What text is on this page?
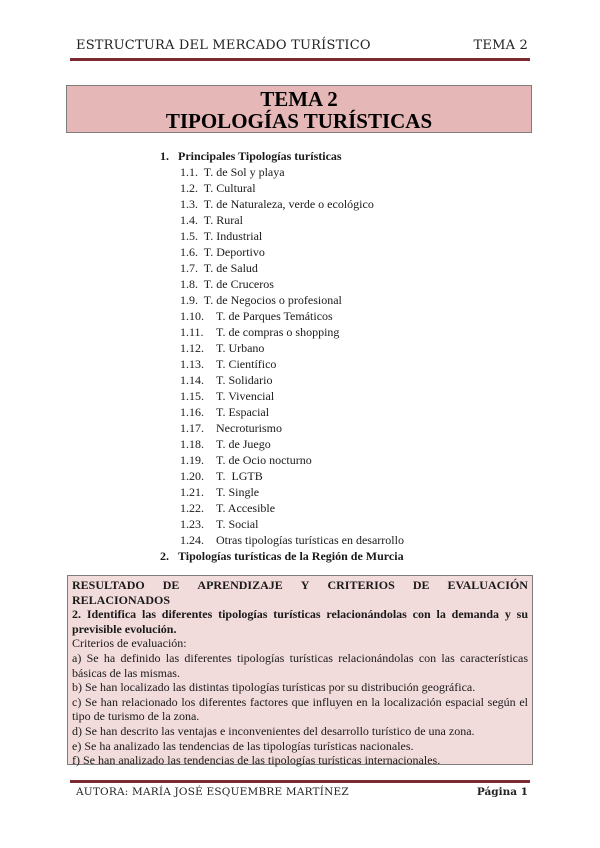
ESTRUCTURA DEL MERCADO TURÍSTICO	TEMA 2
TEMA 2
TIPOLOGÍAS TURÍSTICAS
1. Principales Tipologías turísticas
1.1. T. de Sol y playa
1.2. T. Cultural
1.3. T. de Naturaleza, verde o ecológico
1.4. T. Rural
1.5. T. Industrial
1.6. T. Deportivo
1.7. T. de Salud
1.8. T. de Cruceros
1.9. T. de Negocios o profesional
1.10. T. de Parques Temáticos
1.11. T. de compras o shopping
1.12. T. Urbano
1.13. T. Científico
1.14. T. Solidario
1.15. T. Vivencial
1.16. T. Espacial
1.17. Necroturismo
1.18. T. de Juego
1.19. T. de Ocio nocturno
1.20. T.  LGTB
1.21. T. Single
1.22. T. Accesible
1.23. T. Social
1.24. Otras tipologías turísticas en desarrollo
2. Tipologías turísticas de la Región de Murcia
RESULTADO DE APRENDIZAJE Y CRITERIOS DE EVALUACIÓN

RELACIONADOS

2. Identifica las diferentes tipologías turísticas relacionándolas con la demanda y su previsible evolución.

Criterios de evaluación:

a) Se ha definido las diferentes tipologías turísticas relacionándolas con las características básicas de las mismas.

b) Se han localizado las distintas tipologías turísticas por su distribución geográfica.

c) Se han relacionado los diferentes factores que influyen en la localización espacial según el tipo de turismo de la zona.

d) Se han descrito las ventajas e inconvenientes del desarrollo turístico de una zona.

e) Se ha analizado las tendencias de las tipologías turísticas nacionales.

f) Se han analizado las tendencias de las tipologías turísticas internacionales.

AUTORA: MARÍA JOSÉ ESQUEMBRE MARTÍNEZ	Página 1
